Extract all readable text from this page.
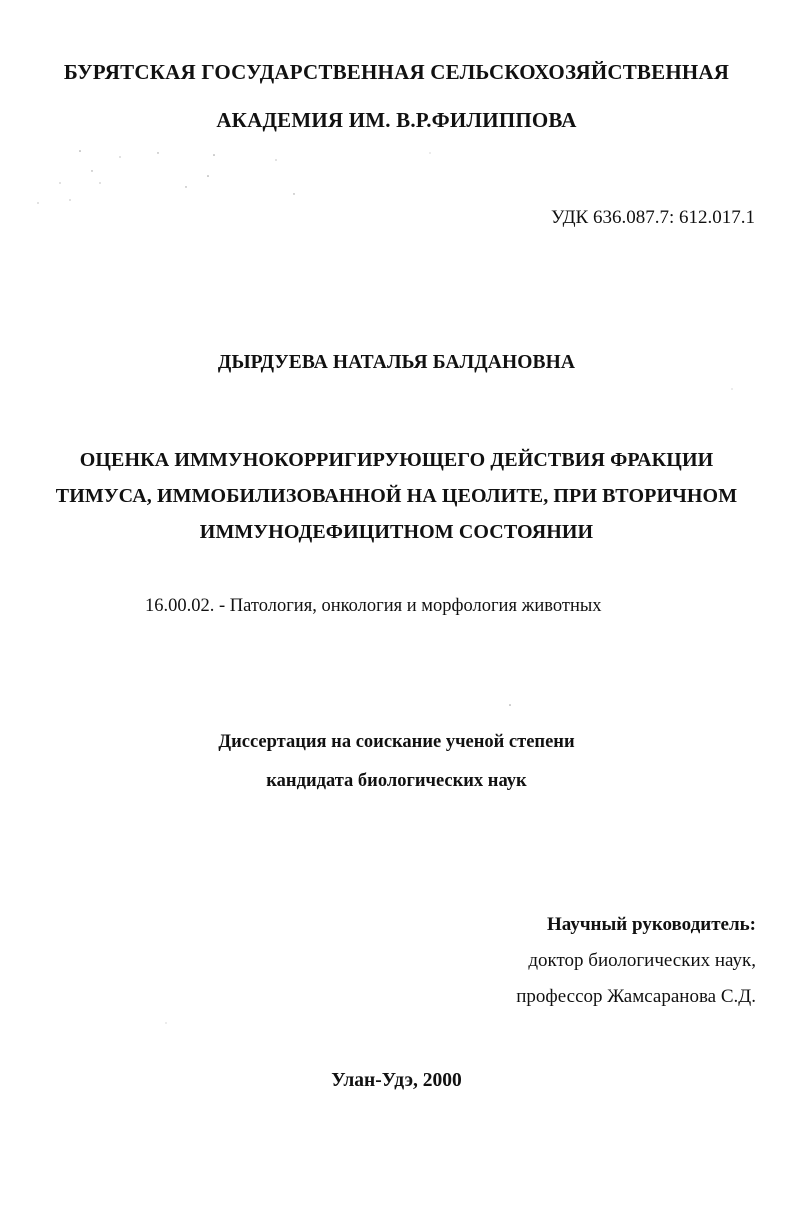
БУРЯТСКАЯ ГОСУДАРСТВЕННАЯ СЕЛЬСКОХОЗЯЙСТВЕННАЯ
АКАДЕМИЯ ИМ. В.Р.ФИЛИППОВА
УДК 636.087.7: 612.017.1
ДЫРДУЕВА НАТАЛЬЯ БАЛДАНОВНА
ОЦЕНКА ИММУНОКОРРИГИРУЮЩЕГО ДЕЙСТВИЯ ФРАКЦИИ
ТИМУСА, ИММОБИЛИЗОВАННОЙ НА ЦЕОЛИТЕ, ПРИ ВТОРИЧНОМ
ИММУНОДЕФИЦИТНОМ СОСТОЯНИИ
16.00.02. - Патология, онкология и морфология животных
Диссертация на соискание ученой степени
кандидата биологических наук
Научный руководитель:
доктор биологических наук,
профессор Жамсаранова С.Д.
Улан-Удэ, 2000
